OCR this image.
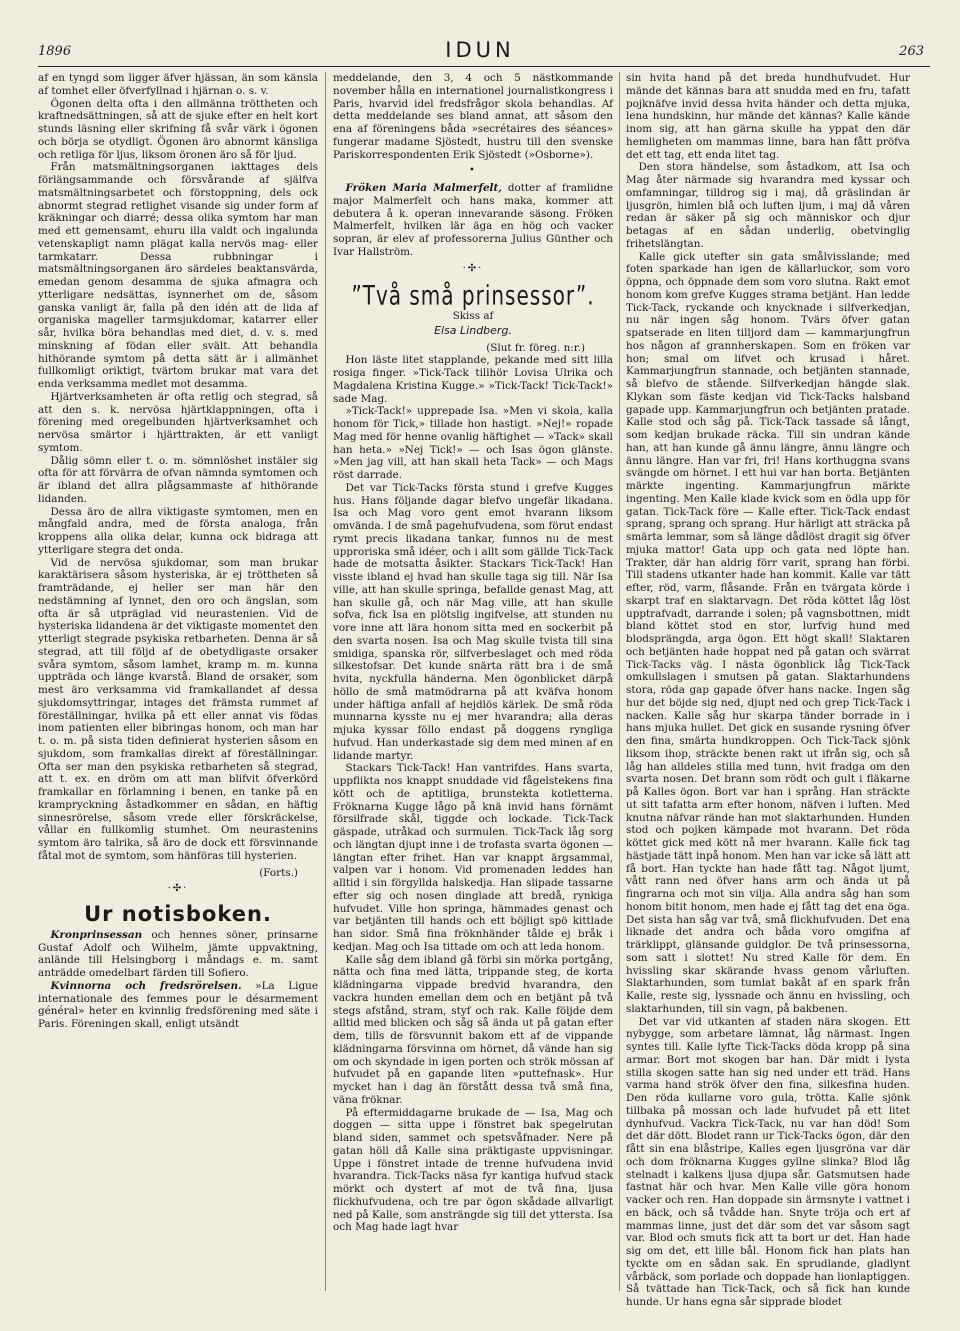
1896	IDUN	263

af en tyngd som ligger äfver hjässan, än som känsla af tomhet eller öfverfyllnad i hjärnan o. s. v.

Ögonen delta ofta i den allmänna tröttheten och kraftnedsättningen, så att de sjuke efter en helt kort stunds läsning eller skrifning få svår värk i ögonen och börja se otydligt. Ögonen äro abnormt känsliga och retliga för ljus, liksom öronen äro så för ljud.

Från matsmältningsorganen iakttages dels förlängsammande och försvårande af själfva matsmältningsarbetet och förstoppning, dels ock abnormt stegrad retlighet visande sig under form af kräkningar och diarré; dessa olika symtom har man med ett gemensamt, ehuru illa valdt och ingalunda vetenskapligt namn plägat kalla nervös mag- eller tarmkatarr. Dessa rubbningar i matsmältningsorganen äro särdeles beaktansvärda, emedan genom desamma de sjuka afmagra och ytterligare nedsättas, isynnerhet om de, såsom ganska vanligt är, falla på den idén att de lida af organiska mageller tarmsjukdomar, katarrer eller sår, hvilka böra behandlas med diet, d. v. s. med minskning af födan eller svält. Att behandla hithörande symtom på detta sätt är i allmänhet fullkomligt oriktigt, tvärtom brukar mat vara det enda verksamma medlet mot desamma.

Hjärtverksamheten är ofta retlig och stegrad, så att den s. k. nervösa hjärtklappningen, ofta i förening med oregelbunden hjärtverksamhet och nervösa smärtor i hjärttrakten, är ett vanligt symtom.

Dålig sömn eller t. o. m. sömnlöshet instäler sig ofta för att förvärra de ofvan nämnda symtomen och är ibland det allra plågsammaste af hithörande lidanden.

Dessa äro de allra viktigaste symtomen, men en mångfald andra, med de första analoga, från kroppens alla olika delar, kunna ock bidraga att ytterligare stegra det onda.

Vid de nervösa sjukdomar, som man brukar karaktärisera såsom hysteriska, är ej tröttheten så framträdande, ej heller ser man här den nedstämning af lynnet, den oro och ängslan, som ofta är så utpräglad vid neurastenien. Vid de hysteriska lidandena är det viktigaste momentet den ytterligt stegrade psykiska retbarheten. Denna är så stegrad, att till följd af de obetydligaste orsaker svåra symtom, såsom lamhet, kramp m. m. kunna uppträda och länge kvarstå. Bland de orsaker, som mest äro verksamma vid framkallandet af dessa sjukdomsyttringar, intages det främsta rummet af föreställningar, hvilka på ett eller annat vis födas inom patienten eller bibringas honom, och man har t. o. m. på sista tiden definierat hysterien såsom en sjukdom, som framkallas direkt af föreställningar. Ofta ser man den psykiska retbarheten så stegrad, att t. ex. en dröm om att man blifvit öfverkörd framkallar en förlamning i benen, en tanke på en krampryckning åstadkommer en sådan, en häftig sinnesrörelse, såsom vrede eller förskräckelse, vållar en fullkomlig stumhet. Om neurastenins symtom äro talrika, så äro de dock ett försvinnande fåtal mot de symtom, som hänföras till hysterien.

(Forts.)
·✣·
Ur notisboken.

Kronprinsessan och hennes söner, prinsarne Gustaf Adolf och Wilhelm, jämte uppvaktning, anlände till Helsingborg i måndags e. m. samt anträdde omedelbart färden till Sofiero.

Kvinnorna och fredsrörelsen. »La Ligue internationale des femmes pour le désarmement général» heter en kvinnlig fredsförening med säte i Paris. Föreningen skall, enligt utsändt

meddelande, den 3, 4 och 5 nästkommande november hålla en internationel journalistkongress i Paris, hvarvid idel fredsfrågor skola behandlas. Af detta meddelande ses bland annat, att såsom den ena af föreningens båda »secrétaires des séances» fungerar madame Sjöstedt, hustru till den svenske Pariskorrespondenten Erik Sjöstedt (»Osborne»).

•

Fröken Maria Malmerfelt, dotter af framlidne major Malmerfelt och hans maka, kommer att debutera å k. operan innevarande säsong. Fröken Malmerfelt, hvilken lär äga en hög och vacker sopran, är elev af professorerna Julius Günther och Ivar Hallström.

·✣·
”Två små prinsessor”.
Skiss af
Elsa Lindberg.
(Slut fr. föreg. n:r.)

Hon läste litet stapplande, pekande med sitt lilla rosiga finger. »Tick-Tack tillhör Lovisa Ulrika och Magdalena Kristina Kugge.» »Tick-Tack! Tick-Tack!» sade Mag.

»Tick-Tack!» upprepade Isa. »Men vi skola, kalla honom för Tick,» tillade hon hastigt. »Nej!» ropade Mag med för henne ovanlig häftighet — »Tack» skall han heta.» »Nej Tick!» — och Isas ögon glänste. »Men jag vill, att han skall heta Tack» — och Mags röst darrade.

Det var Tick-Tacks första stund i grefve Kugges hus. Hans följande dagar blefvo ungefär likadana. Isa och Mag voro gent emot hvarann liksom omvända. I de små pagehufvudena, som förut endast rymt precis likadana tankar, funnos nu de mest upproriska små idéer, och i allt som gällde Tick-Tack hade de motsatta åsikter. Stackars Tick-Tack! Han visste ibland ej hvad han skulle taga sig till. När Isa ville, att han skulle springa, befallde genast Mag, att han skulle gå, och när Mag ville, att han skulle sofva, fick Isa en plötslig ingifvelse, att stunden nu vore inne att lära honom sitta med en sockerbit på den svarta nosen. Isa och Mag skulle tvista till sina smidiga, spanska rör, silfverbeslaget och med röda silkestofsar. Det kunde snärta rätt bra i de små hvita, nyckfulla händerna. Men ögonblicket därpå höllo de små matmödrarna på att kväfva honom under häftiga anfall af hejdlös kärlek. De små röda munnarna kysste nu ej mer hvarandra; alla deras mjuka kyssar föllo endast på doggens ryngliga hufvud. Han underkastade sig dem med minen af en lidande martyr.

Stackars Tick-Tack! Han vantrifdes. Hans svarta, uppflikta nos knappt snuddade vid fågelstekens fina kött och de aptitliga, brunstekta kotletterna. Fröknarna Kugge lågo på knä invid hans förnämt försilfrade skål, tiggde och lockade. Tick-Tack gäspade, utråkad och surmulen. Tick-Tack låg sorg och längtan djupt inne i de trofasta svarta ögonen — längtan efter frihet. Han var knappt ärgsammal, valpen var i honom. Vid promenaden leddes han alltid i sin förgyllda halskedja. Han slipade tassarne efter sig och nosen dinglade att bredå, rynkiga hufvudet. Ville hon springa, hämmades genast och var betjänten till hands och ett böjligt spö kittlade han sidor. Små fina fröknhänder tålde ej bråk i kedjan. Mag och Isa tittade om och att leda honom.

Kalle såg dem ibland gå förbi sin mörka portgång, nätta och fina med lätta, trippande steg, de korta klädningarna vippade bredvid hvarandra, den vackra hunden emellan dem och en betjänt på två stegs afstånd, stram, styf och rak. Kalle följde dem alltid med blicken och såg så ända ut på gatan efter dem, tills de försvunnit bakom ett af de vippande klädningarna försvinna om hörnet, då vände han sig om och skyndade in igen porten och strök mössan af hufvudet på en gapande liten »puttefnask». Hur mycket han i dag än förstått dessa två små fina, väna fröknar.

På eftermiddagarne brukade de — Isa, Mag och doggen — sitta uppe i fönstret bak spegelrutan bland siden, sammet och spetsvåfnader. Nere på gatan höll då Kalle sina präktigaste uppvisningar. Uppe i fönstret intade de trenne hufvudena invid hvarandra. Tick-Tacks näsa fyr kantiga hufvud stack mörkt och dystert af mot de två fina, ljusa flickhufvudena, och tre par ögon skådade allvarligt ned på Kalle, som ansträngde sig till det yttersta. Isa och Mag hade lagt hvar

sin hvita hand på det breda hundhufvudet. Hur mände det kännas bara att snudda med en fru, tafatt pojknäfve invid dessa hvita händer och detta mjuka, lena hundskinn, hur mände det kännas? Kalle kände inom sig, att han gärna skulle ha yppat den där hemligheten om mammas linne, bara han fått pröfva det ett tag, ett enda litet tag.

Den stora händelse, som åstadkom, att Isa och Mag åter närmade sig hvarandra med kyssar och omfamningar, tilldrog sig i maj, då gräslindan är ljusgrön, himlen blå och luften ljum, i maj då våren redan är säker på sig och människor och djur betagas af en sådan underlig, obetvinglig frihetslängtan.

Kalle gick utefter sin gata smålvisslande; med foten sparkade han igen de källarluckor, som voro öppna, och öppnade dem som voro slutna. Rakt emot honom kom grefve Kugges strama betjänt. Han ledde Tick-Tack, ryckande och knycknade i silfverkedjan, nu när ingen såg honom. Tvärs öfver gatan spatserade en liten tilljord dam — kammarjungfrun hos någon af grannherskapen. Som en fröken var hon; smal om lifvet och krusad i håret. Kammarjungfrun stannade, och betjänten stannade, så blefvo de stående. Silfverkedjan hängde slak. Klykan som fäste kedjan vid Tick-Tacks halsband gapade upp. Kammarjungfrun och betjänten pratade. Kalle stod och såg på. Tick-Tack tassade så långt, som kedjan brukade räcka. Till sin undran kände han, att han kunde gå ännu längre, ännu längre och ännu längre. Han var fri, fri! Hans korthuggna svans svängde om hörnet. I ett hui var han borta. Betjänten märkte ingenting. Kammarjungfrun märkte ingenting. Men Kalle klade kvick som en ödla upp för gatan. Tick-Tack före — Kalle efter. Tick-Tack endast sprang, sprang och sprang. Hur härligt att sträcka på smärta lemmar, som så länge dådlöst dragit sig öfver mjuka mattor! Gata upp och gata ned löpte han. Trakter, där han aldrig förr varit, sprang han förbi. Till stadens utkanter hade han kommit. Kalle var tätt efter, röd, varm, flåsande. Från en tvärgata körde i skarpt traf en slaktarvagn. Det röda köttet låg löst upptrafvadt, darrande i solen; på vagnsbottnen, midt bland köttet stod en stor, lurfvig hund med blodsprängda, arga ögon. Ett högt skall! Slaktaren och betjänten hade hoppat ned på gatan och svärrat Tick-Tacks väg. I nästa ögonblick låg Tick-Tack omkullslagen i smutsen på gatan. Slaktarhundens stora, röda gap gapade öfver hans nacke. Ingen såg hur det böjde sig ned, djupt ned och grep Tick-Tack i nacken. Kalle såg hur skarpa tänder borrade in i hans mjuka hullet. Det gick en susande rysning öfver den fina, smärta hundkroppen. Och Tick-Tack sjönk liksom ihop, sträckte benen rakt ut ifrån sig, och så låg han alldeles stilla med tunn, hvit fradga om den svarta nosen. Det brann som rödt och gult i fläkarne på Kalles ögon. Bort var han i språng. Han sträckte ut sitt tafatta arm efter honom, näfven i luften. Med knutna näfvar rände han mot slaktarhunden. Hunden stod och pojken kämpade mot hvarann. Det röda köttet gick med kött nå mer hvarann. Kalle fick tag hästjade tätt inpå honom. Men han var icke så lätt att få bort. Han tyckte han hade fått tag. Något ljumt, vått rann ned öfver hans arm och ända ut på fingrarna och mot sin vilja. Alla andra såg han som honom bitit honom, men hade ej fått tag det ena öga. Det sista han såg var två, små flickhufvuden. Det ena liknade det andra och båda voro omgifna af trärklippt, glänsande guldglor. De två prinsessorna, som satt i slottet! Nu stred Kalle för dem. En hvissling skar skärande hvass genom vårluften. Slaktarhunden, som tumlat bakåt af en spark från Kalle, reste sig, lyssnade och ännu en hvissling, och slaktarhunden, till sin vagn, på bakbenen.

Det var vid utkanten af staden nära skogen. Ett nybygge, som arbetare lämnat, låg närmast. Ingen syntes till. Kalle lyfte Tick-Tacks döda kropp på sina armar. Bort mot skogen bar han. Där midt i lysta stilla skogen satte han sig ned under ett träd. Hans varma hand strök öfver den fina, silkesfina huden. Den röda kullarne voro gula, trötta. Kalle sjönk tillbaka på mossan och lade hufvudet på ett litet dynhufvud. Vackra Tick-Tack, nu var han död! Som det där dött. Blodet rann ur Tick-Tacks ögon, där den fått sin ena blåstripe, Kalles egen ljusgröna var där och dom fröknarna Kugges gyllne slinka? Blod låg stelnadt i kalkens ljusa djupa sår. Gatsmutsen hade fastnat här och hvar. Men Kalle ville göra honom vacker och ren. Han doppade sin ärmsnyte i vattnet i en bäck, och så tvådde han. Snyte tröja och ert af mammas linne, just det där som det var såsom sagt var. Blod och smuts fick att ta bort ur det. Han hade sig om det, ett lille bål. Honom fick han plats han tyckte om en sådan sak. En sprudlande, gladlynt vårbäck, som porlade och doppade han lionlaptiggen. Så tvättade han Tick-Tack, och så fick han kunde hunde. Ur hans egna sår sipprade blodet
